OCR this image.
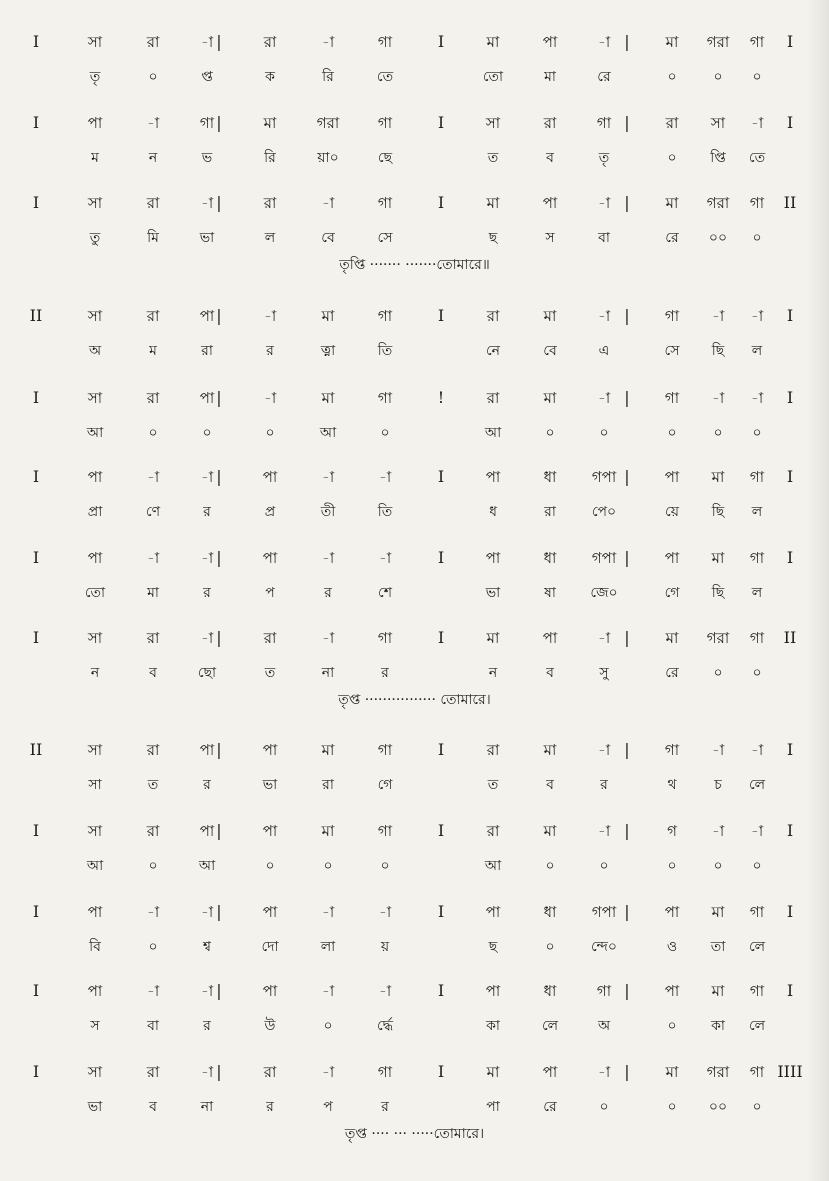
I	সা	রা	-া |	রা	-া	গা	I	মা	পা	-া | মা গরা গা I
তৃ	০	প্ত	ক	রি	তে	তো	মা	রে	০	০ ০
I	পা	-া	গা |	মা	গরা	গা	I	সা	রা	গা | রা সা -া I
ম	ন	ভ	রি	য়া০	ছে	ত	ব	তৃ	০ প্তি তে
I	সা	রা	-া |	রা	-া	গা	I	মা	পা	-া | মা গরা গা II
তু	মি	ভা	ল	বে	সে	ছ	স	বা	রে ০০ ০
তৃপ্তি ······· ·······তোমারে॥
II	সা	রা	পা |	-া	মা	গা	I	রা	মা	-া | গা -া -া I
অ	ম	রা	র	ত্না	তি	নে	বে	এ	সে ছি ল
I	সা	রা	পা |	-া	মা	গা	!	রা	মা	-া | গা -া -া I
আ	০	০	০	আ	০	আ	০	০	০	০ ০
I	পা	-া	-া |	পা	-া	-া	I	পা	ধা গপা | পা মা গা I
প্রা	ণে	র	প্র	তী	তি	ধ	রা	পে০	য়ে ছি ল
I	পা	-া	-া |	পা	-া	-া	I	পা	ধা গপা | পা মা গা I
তো	মা	র	প	র	শে	ভা	ষা জে০	গে ছি ল
I	সা	রা	-া |	রা	-া	গা	I	মা	পা	-া | মা গরা গা II
ন	ব	ছো	ত	না	র	ন	ব	সু	রে ০ ০
তৃপ্ত ················ তোমারে।
II	সা	রা	পা |	পা	মা	গা	I	রা	মা	-া | গা -া -া I
সা	ত	র	ভা	রা	গে	ত	ব	র	থ	চ লে
I	সা	রা	পা |	পা	মা	গা	I	রা	মা	-া | গ -া -া I
আ	০	আ	০	০	০	আ	০	০	০	০ ০
I	পা	-া	-া |	পা	-া	-া	I	পা	ধা গপা | পা মা গা I
বি	০	শ্ব	দো	লা	য়	ছ	০	ন্দে০	ও তা লে
I	পা	-া	-া |	পা	-া	-া	I	পা	ধা	গা | পা মা গা I
স	বা	র	উ	০	র্দ্ধে	কা	লে	অ	০ কা লে
I	সা	রা	-া |	রা	-া	গা	I	মা	পা	-া | মা গরা গা IIII
ভা	ব	না	র	প	র	পা	রে	০	০ ০০ ০
তৃপ্ত ···· ··· ·····তোমারে।
